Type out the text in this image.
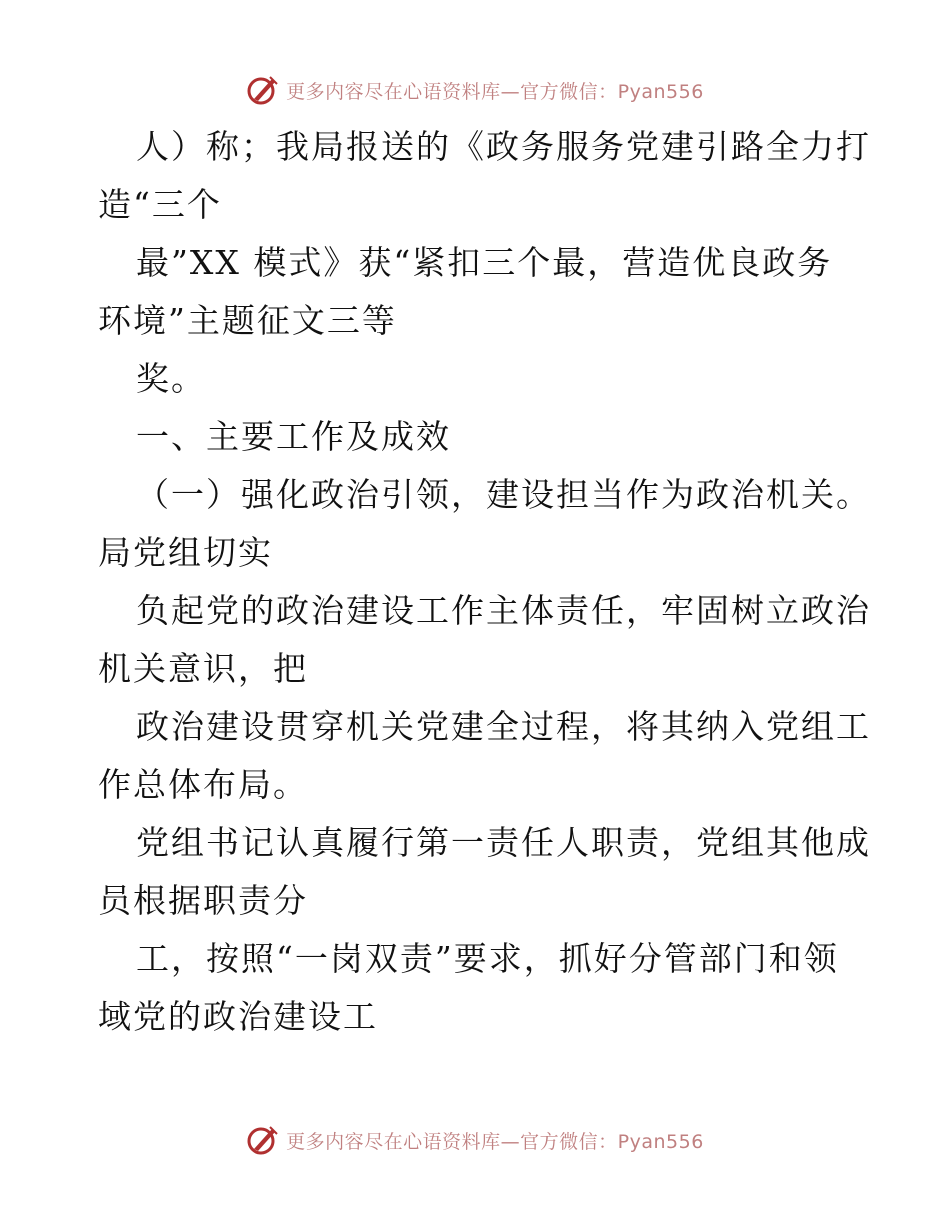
更多内容尽在心语资料库—官方微信：Pyan556
人）称；我局报送的《政务服务党建引路全力打
造“三个
最”XX 模式》获“紧扣三个最，营造优良政务
环境”主题征文三等
奖。
一、主要工作及成效
（一）强化政治引领，建设担当作为政治机关。
局党组切实
负起党的政治建设工作主体责任，牢固树立政治
机关意识，把
政治建设贯穿机关党建全过程，将其纳入党组工
作总体布局。
党组书记认真履行第一责任人职责，党组其他成
员根据职责分
工，按照“一岗双责”要求，抓好分管部门和领
域党的政治建设工
更多内容尽在心语资料库—官方微信：Pyan556
